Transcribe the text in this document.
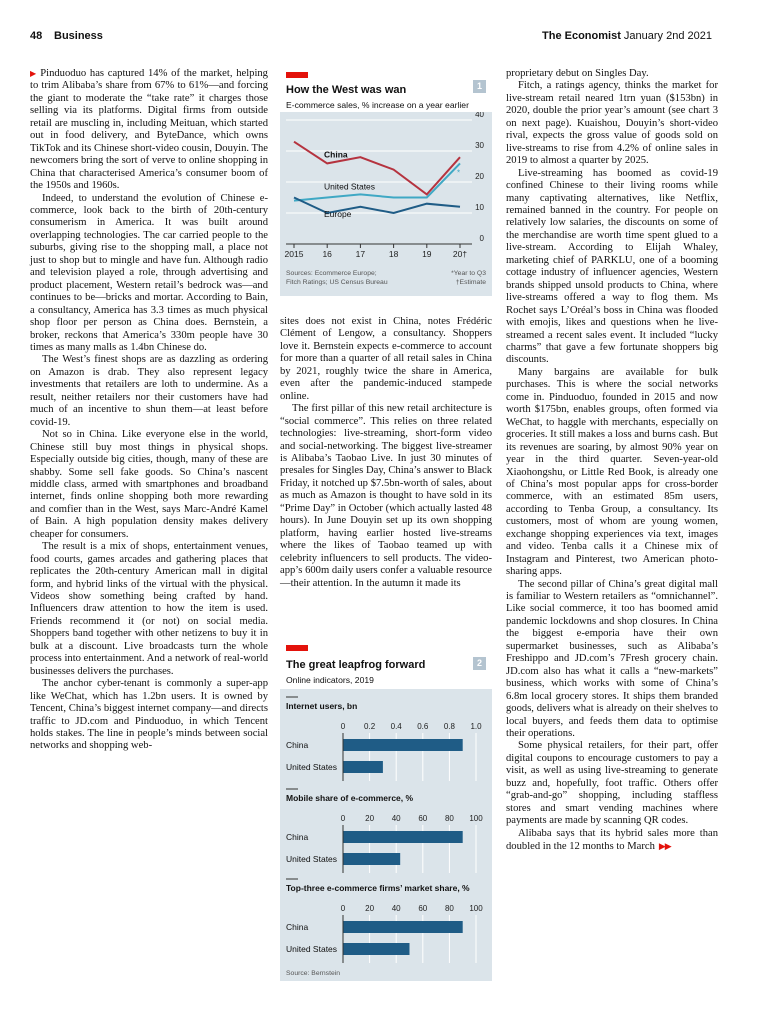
48 Business	The Economist January 2nd 2021

▶ Pinduoduo has captured 14% of the market, helping to trim Alibaba’s share from 67% to 61%—and forcing the giant to moderate the “take rate” it charges those selling via its platforms. Digital firms from outside retail are muscling in, including Meituan, which started out in food delivery, and ByteDance, which owns TikTok and its Chinese short-video cousin, Douyin. The newcomers bring the sort of verve to online shopping in China that characterised America’s consumer boom of the 1950s and 1960s.

Indeed, to understand the evolution of Chinese e-commerce, look back to the birth of 20th-century consumerism in America. It was built around overlapping technologies. The car carried people to the suburbs, giving rise to the shopping mall, a place not just to shop but to mingle and have fun. Although radio and television played a role, through advertising and product placement, Western retail’s bedrock was—and continues to be—bricks and mortar. According to Bain, a consultancy, America has 3.3 times as much physical shop floor per person as China does. Bernstein, a broker, reckons that America’s 330m people have 30 times as many malls as 1.4bn Chinese do.

The West’s finest shops are as dazzling as ordering on Amazon is drab. They also represent legacy investments that retailers are loth to undermine. As a result, neither retailers nor their customers have had much of an incentive to shun them—at least before covid-19.

Not so in China. Like everyone else in the world, Chinese still buy most things in physical shops. Especially outside big cities, though, many of these are shabby. Some sell fake goods. So China’s nascent middle class, armed with smartphones and broadband internet, finds online shopping both more rewarding and comfier than in the West, says Marc-André Kamel of Bain. A high population density makes delivery cheaper for consumers.

The result is a mix of shops, entertainment venues, food courts, games arcades and gathering places that replicates the 20th-century American mall in digital form, and hybrid links of the virtual with the physical. Videos show something being crafted by hand. Influencers draw attention to how the item is used. Friends recommend it (or not) on social media. Shoppers band together with other netizens to buy it in bulk at a discount. Live broadcasts turn the whole process into entertainment. And a network of real-world businesses delivers the purchases.

The anchor cyber-tenant is commonly a super-app like WeChat, which has 1.2bn users. It is owned by Tencent, China’s biggest internet company—and directs traffic to JD.com and Pinduoduo, in which Tencent holds stakes. The line in people’s minds between social networks and shopping web-

How the West was wan	1
E-commerce sales, % increase on a year earlier
0
10
20
30
40
2015 16	17	18	19	20†
China
United States
Europe
*
Sources: Ecommerce Europe;
Fitch Ratings; US Census Bureau
*Year to Q3
†Estimate

sites does not exist in China, notes Frédéric Clément of Lengow, a consultancy. Shoppers love it. Bernstein expects e-commerce to account for more than a quarter of all retail sales in China by 2021, roughly twice the share in America, even after the pandemic-induced stampede online.

The first pillar of this new retail architecture is “social commerce”. This relies on three related technologies: live-streaming, short-form video and social-networking. The biggest live-streamer is Alibaba’s Taobao Live. In just 30 minutes of presales for Singles Day, China’s answer to Black Friday, it notched up $7.5bn-worth of sales, about as much as Amazon is thought to have sold in its “Prime Day” in October (which actually lasted 48 hours). In June Douyin set up its own shopping platform, having earlier hosted live-streams where the likes of Taobao teamed up with celebrity influencers to sell products. The video-app’s 600m daily users confer a valuable resource—their attention. In the autumn it made its

The great leapfrog forward	2
Online indicators, 2019
Internet users, bn
0 0.2 0.4 0.6 0.8 1.0
China
United States
Mobile share of e-commerce, %
0 20 40 60 80 100
China
United States
Top-three e-commerce firms’ market share, %
0 20 40 60 80 100
China
United States
Source: Bernstein

proprietary debut on Singles Day.

Fitch, a ratings agency, thinks the market for live-stream retail neared 1trn yuan ($153bn) in 2020, double the prior year’s amount (see chart 3 on next page). Kuaishou, Douyin’s short-video rival, expects the gross value of goods sold on live-streams to rise from 4.2% of online sales in 2019 to almost a quarter by 2025.

Live-streaming has boomed as covid-19 confined Chinese to their living rooms while many captivating alternatives, like Netflix, remained banned in the country. For people on relatively low salaries, the discounts on some of the merchandise are worth time spent glued to a live-stream. According to Elijah Whaley, marketing chief of PARKLU, one of a booming cottage industry of influencer agencies, Western brands shipped unsold products to China, where live-streams offered a way to flog them. Ms Rochet says L’Oréal’s boss in China was flooded with emojis, likes and questions when he live-streamed a recent sales event. It included “lucky charms” that gave a few fortunate shoppers big discounts.

Many bargains are available for bulk purchases. This is where the social networks come in. Pinduoduo, founded in 2015 and now worth $175bn, enables groups, often formed via WeChat, to haggle with merchants, especially on groceries. It still makes a loss and burns cash. But its revenues are soaring, by almost 90% year on year in the third quarter. Seven-year-old Xiaohongshu, or Little Red Book, is already one of China’s most popular apps for cross-border commerce, with an estimated 85m users, according to Tenba Group, a consultancy. Its customers, most of whom are young women, exchange shopping experiences via text, images and video. Tenba calls it a Chinese mix of Instagram and Pinterest, two American photo-sharing apps.

The second pillar of China’s great digital mall is familiar to Western retailers as “omnichannel”. Like social commerce, it too has boomed amid pandemic lockdowns and shop closures. In China the biggest e-emporia have their own supermarket businesses, such as Alibaba’s Freshippo and JD.com’s 7Fresh grocery chain. JD.com also has what it calls a “new-markets” business, which works with some of China’s 6.8m local grocery stores. It ships them branded goods, delivers what is already on their shelves to local buyers, and feeds them data to optimise their operations.

Some physical retailers, for their part, offer digital coupons to encourage customers to pay a visit, as well as using live-streaming to generate buzz and, hopefully, foot traffic. Others offer “grab-and-go” shopping, including staffless stores and smart vending machines where payments are made by scanning QR codes.

Alibaba says that its hybrid sales more than doubled in the 12 months to March ▶▶
